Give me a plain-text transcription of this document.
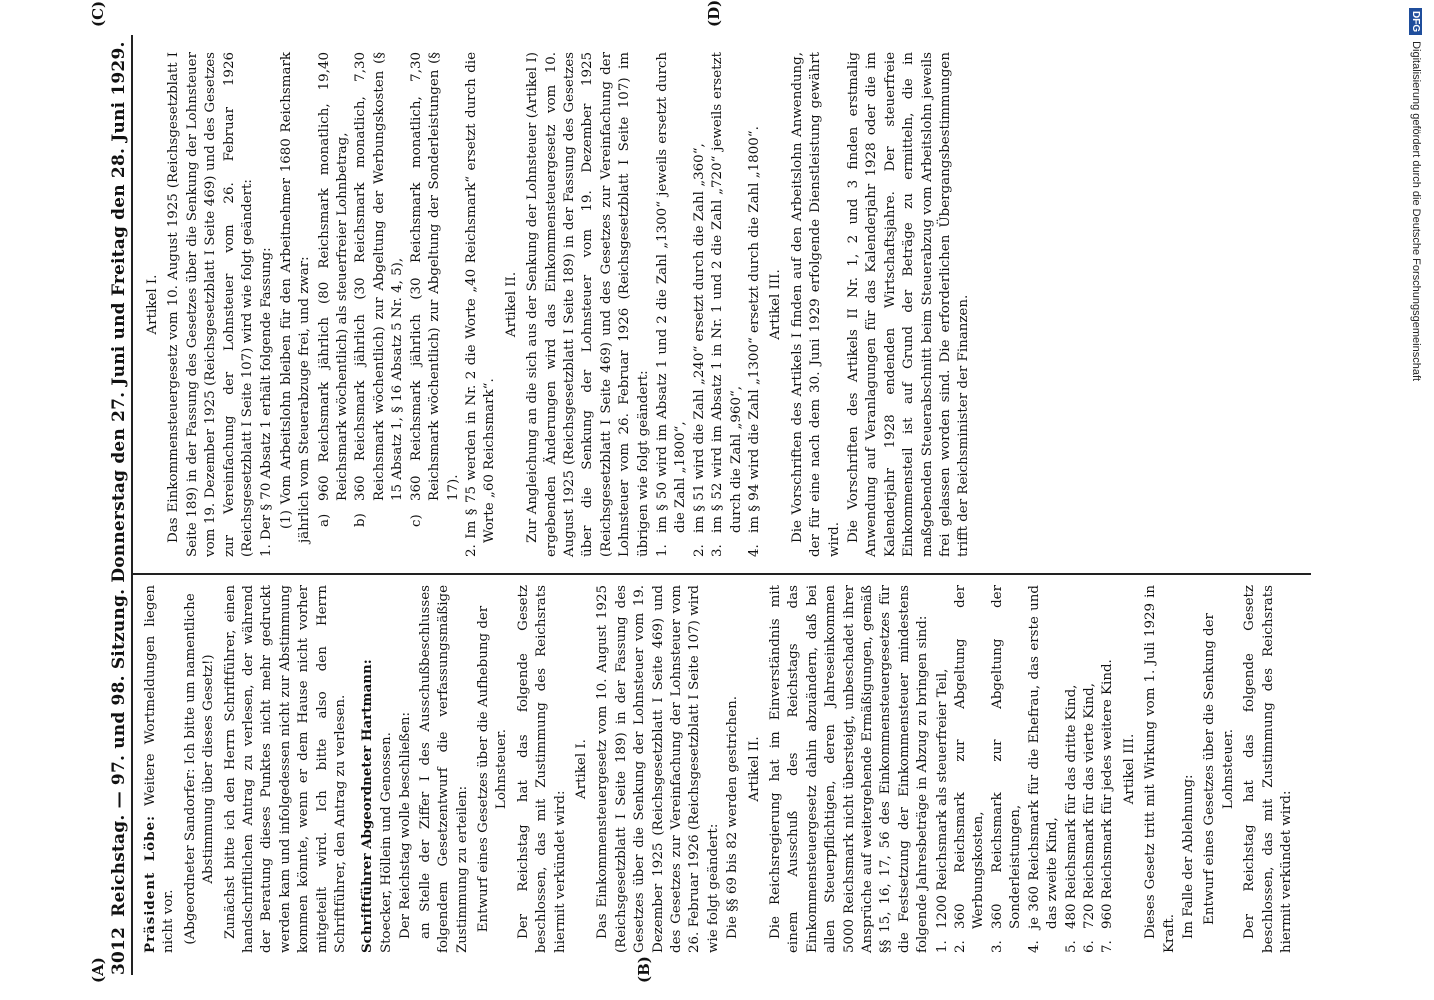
3012
Reichstag. — 97. und 98. Sitzung. Donnerstag den 27. Juni und Freitag den 28. Juni 1929.
(A)	(B)
(C)	(D)

Präsident Löbe: Weitere Wortmeldungen liegen nicht vor. (Abgeordneter Sandorfer: Ich bitte um namentliche Abstimmung über dieses Gesetz!) Zunächst bitte ich den Herrn Schriftführer, einen handschriftlichen Antrag zu verlesen, der während der Beratung dieses Punktes nicht mehr gedruckt werden kam und infolgedessen nicht zur Abstimmung kommen könnte, wenn er dem Hause nicht vorher mitgeteilt wird. Ich bitte also den Herrn Schriftführer, den Antrag zu verlesen. Schriftführer Abgeordneter Hartmann: Stoecker, Höllein und Genossen. Der Reichstag wolle beschließen: an Stelle der Ziffer I des Ausschußbeschlusses folgendem Gesetzentwurf die verfassungsmäßige Zustimmung zu erteilen: Entwurf eines Gesetzes über die Aufhebung der Lohnsteuer. Der Reichstag hat das folgende Gesetz beschlossen, das mit Zustimmung des Reichsrats hiermit verkündet wird:

Artikel I. Das Einkommensteuergesetz vom 10. August 1925 (Reichsgesetzblatt I Seite 189) in der Fassung des Gesetzes über die Senkung der Lohnsteuer vom 19. Dezember 1925 (Reichsgesetzblatt I Seite 469) und des Gesetzes zur Vereinfachung der Lohnsteuer vom 26. Februar 1926 (Reichsgesetzblatt I Seite 107) wird wie folgt geändert: Die §§ 69 bis 82 werden gestrichen. Artikel II. Die Reichsregierung hat im Einverständnis mit einem Ausschuß des Reichstags das Einkommensteuergesetz dahin abzuändern, daß bei allen Steuerpflichtigen, deren Jahreseinkommen 5000 Reichsmark nicht übersteigt, unbeschadet ihrer Ansprüche auf weitergehende Ermäßigungen, gemäß §§ 15, 16, 17, 56 des Einkommensteuergesetzes für die Festsetzung der Einkommensteuer mindestens folgende Jahresbeträge in Abzug zu bringen sind: 1.
1200 Reichsmark als steuerfreier Teil,
2.
360 Reichsmark zur Abgeltung der Werbungskosten,
3.
360 Reichsmark zur Abgeltung der Sonderleistungen,
4.
je 360 Reichsmark für die Ehefrau, das erste und das zweite Kind,
5.
480 Reichsmark für das dritte Kind,
6.
720 Reichsmark für das vierte Kind,
7.
960 Reichsmark für jedes weitere Kind. Artikel III. Dieses Gesetz tritt mit Wirkung vom 1. Juli 1929 in Kraft. Im Falle der Ablehnung: Entwurf eines Gesetzes über die Senkung der Lohnsteuer. Der Reichstag hat das folgende Gesetz beschlossen, das mit Zustimmung des Reichsrats hiermit verkündet wird:

Artikel I. Das Einkommensteuergesetz vom 10. August 1925 (Reichsgesetzblatt I Seite 189) in der Fassung des Gesetzes über die Senkung der Lohnsteuer vom 19. Dezember 1925 (Reichsgesetzblatt I Seite 469) und des Gesetzes zur Vereinfachung der Lohnsteuer vom 26. Februar 1926 (Reichsgesetzblatt I Seite 107) wird wie folgt geändert: 1. Der § 70 Absatz 1 erhält folgende Fassung: (1) Vom Arbeitslohn bleiben für den Arbeitnehmer 1680 Reichsmark jährlich vom Steuerabzuge frei, und zwar: a)
960 Reichsmark jährlich (80 Reichsmark monatlich, 19,40 Reichsmark wöchentlich) als steuerfreier Lohnbetrag,
b)
360 Reichsmark jährlich (30 Reichsmark monatlich, 7,30 Reichsmark wöchentlich) zur Abgeltung der Werbungskosten (§ 15 Absatz 1, § 16 Absatz 5 Nr. 4, 5),
c)
360 Reichsmark jährlich (30 Reichsmark monatlich, 7,30 Reichsmark wöchentlich) zur Abgeltung der Sonderleistungen (§ 17). 2. Im § 75 werden in Nr. 2 die Worte „40 Reichsmark“ ersetzt durch die Worte „60 Reichsmark“.

Artikel II. Zur Angleichung an die sich aus der Senkung der Lohnsteuer (Artikel I) ergebenden Änderungen wird das Einkommensteuergesetz vom 10. August 1925 (Reichsgesetzblatt I Seite 189) in der Fassung des Gesetzes über die Senkung der Lohnsteuer vom 19. Dezember 1925 (Reichsgesetzblatt I Seite 469) und des Gesetzes zur Vereinfachung der Lohnsteuer vom 26. Februar 1926 (Reichsgesetzblatt I Seite 107) im übrigen wie folgt geändert: 1.
im § 50 wird im Absatz 1 und 2 die Zahl „1300“ jeweils ersetzt durch die Zahl „1800“,
2.
im § 51 wird die Zahl „240“ ersetzt durch die Zahl „360“,
3.
im § 52 wird im Absatz 1 in Nr. 1 und 2 die Zahl „720“ jeweils ersetzt durch die Zahl „960“,
4.
im § 94 wird die Zahl „1300“ ersetzt durch die Zahl „1800“. Artikel III. Die Vorschriften des Artikels I finden auf den Arbeitslohn Anwendung, der für eine nach dem 30. Juni 1929 erfolgende Dienstleistung gewährt wird. Die Vorschriften des Artikels II Nr. 1, 2 und 3 finden erstmalig Anwendung auf Veranlagungen für das Kalenderjahr 1928 oder die im Kalenderjahr 1928 endenden Wirtschaftsjahre. Der steuerfreie Einkommensteil ist auf Grund der Beträge zu ermitteln, die in maßgebenden Steuerabschnitt beim Steuerabzug vom Arbeitslohn jeweils frei gelassen worden sind. Die erforderlichen Übergangsbestimmungen trifft der Reichsminister der Finanzen.

DFG
Digitalisierung gefördert durch die Deutsche Forschungsgemeinschaft
